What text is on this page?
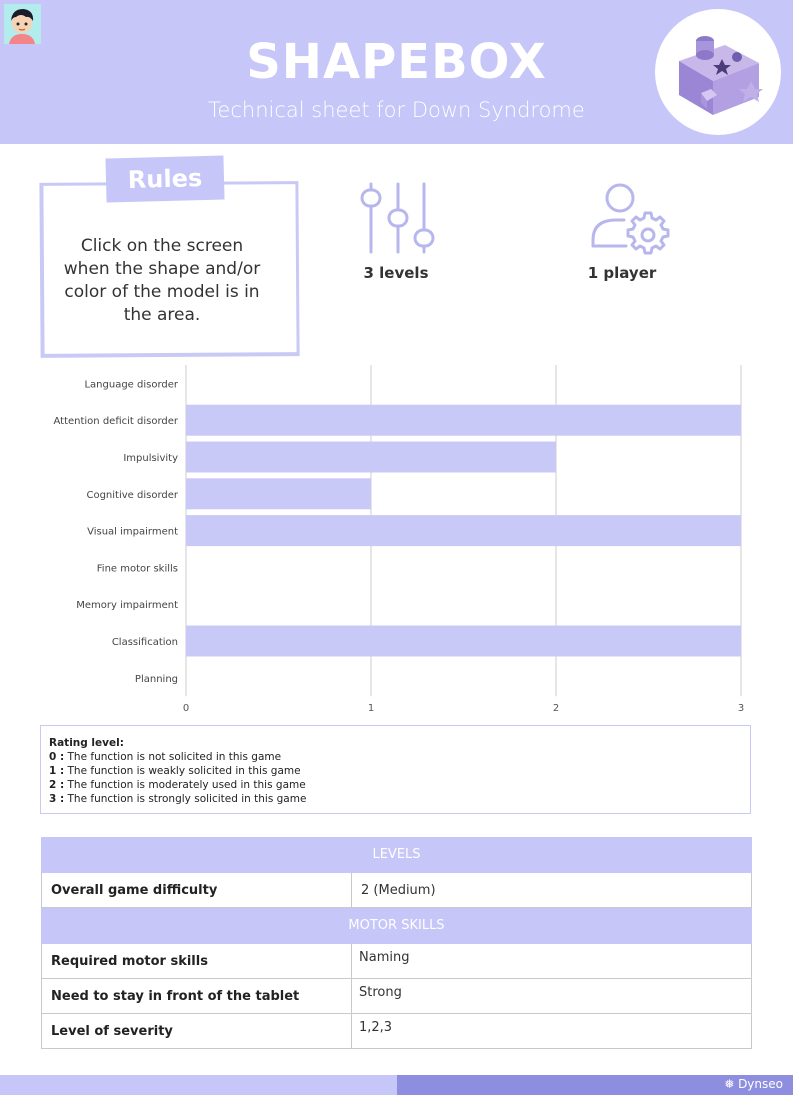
SHAPEBOX
Technical sheet for Down Syndrome
Rules
Click on the screen when the shape and/or color of the model is in the area.
3 levels	1 player
0	1	2	3
Language disorder
Attention deficit disorder
Impulsivity
Cognitive disorder
Visual impairment
Fine motor skills
Memory impairment
Classification
Planning
Rating level:
0 : The function is not solicited in this game
1 : The function is weakly solicited in this game
2 : The function is moderately used in this game
3 : The function is strongly solicited in this game
LEVELS
Overall game difficulty	2 (Medium)
MOTOR SKILLS
Required motor skills	Naming
Need to stay in front of the tablet	Strong
Level of severity	1,2,3
❅ Dynseo
